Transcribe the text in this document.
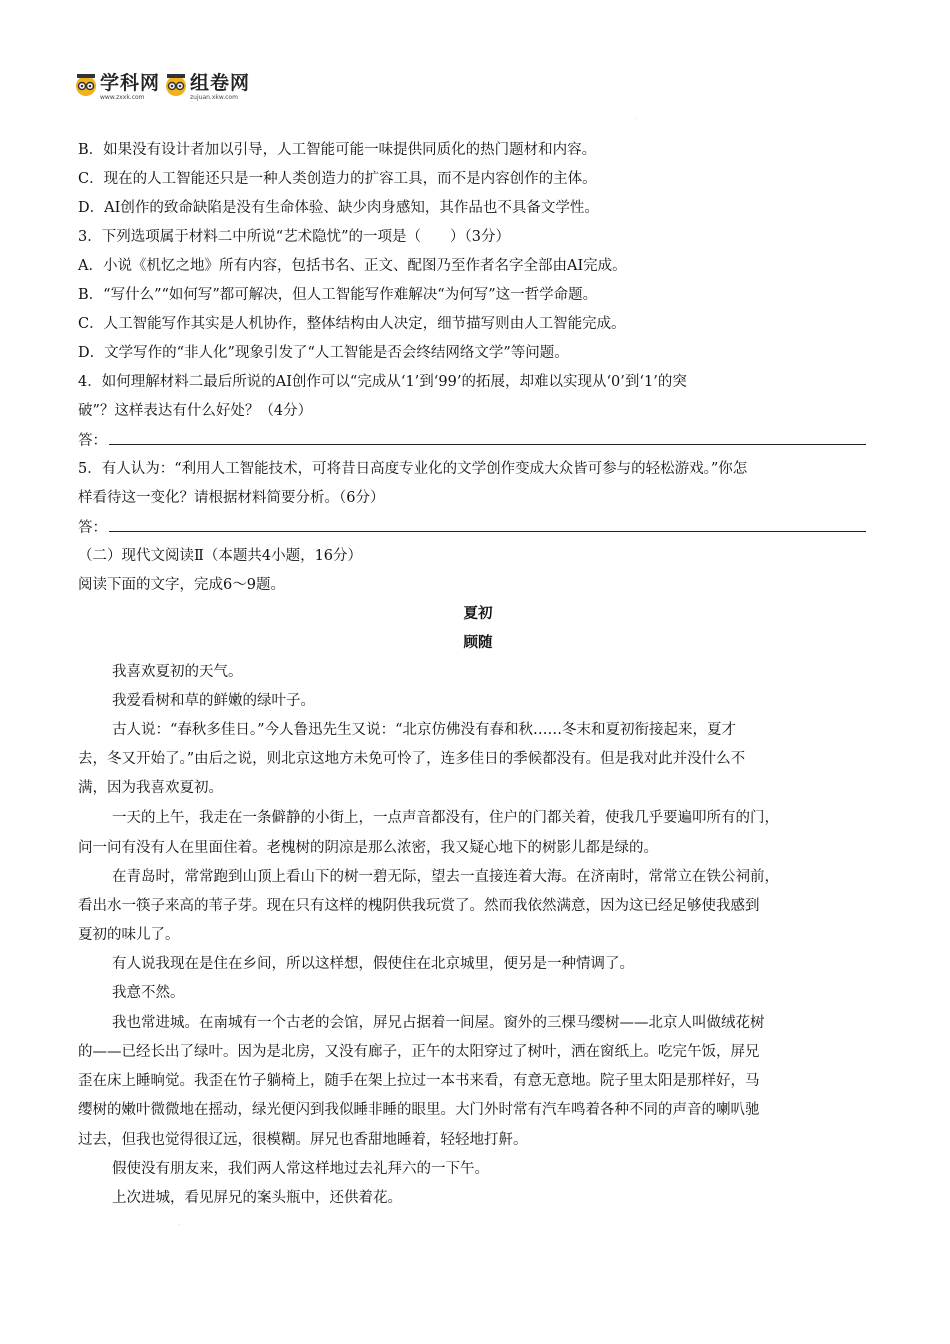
学科网
www.zxxk.com
组卷网
zujuan.xkw.com
B．如果没有设计者加以引导，人工智能可能一味提供同质化的热门题材和内容。
C．现在的人工智能还只是一种人类创造力的扩容工具，而不是内容创作的主体。
D．AI创作的致命缺陷是没有生命体验、缺少肉身感知，其作品也不具备文学性。
3．下列选项属于材料二中所说“艺术隐忧”的一项是（　　）（3分）
A．小说《机忆之地》所有内容，包括书名、正文、配图乃至作者名字全部由AI完成。
B．“写什么”“如何写”都可解决，但人工智能写作难解决“为何写”这一哲学命题。
C．人工智能写作其实是人机协作，整体结构由人决定，细节描写则由人工智能完成。
D．文学写作的“非人化”现象引发了“人工智能是否会终结网络文学”等问题。
4．如何理解材料二最后所说的AI创作可以“完成从‘1’到‘99’的拓展，却难以实现从‘0’到‘1’的突
破”？这样表达有什么好处？（4分）
答：
5．有人认为：“利用人工智能技术，可将昔日高度专业化的文学创作变成大众皆可参与的轻松游戏。”你怎
样看待这一变化？请根据材料简要分析。（6分）
答：
（二）现代文阅读Ⅱ（本题共4小题，16分）
阅读下面的文字，完成6～9题。
夏初
顾随
我喜欢夏初的天气。
我爱看树和草的鲜嫩的绿叶子。
古人说：“春秋多佳日。”今人鲁迅先生又说：“北京仿佛没有春和秋……冬末和夏初衔接起来，夏才
去，冬又开始了。”由后之说，则北京这地方未免可怜了，连多佳日的季候都没有。但是我对此并没什么不
满，因为我喜欢夏初。
一天的上午，我走在一条僻静的小街上，一点声音都没有，住户的门都关着，使我几乎要遍叩所有的门，
问一问有没有人在里面住着。老槐树的阴凉是那么浓密，我又疑心地下的树影儿都是绿的。
在青岛时，常常跑到山顶上看山下的树一碧无际，望去一直接连着大海。在济南时，常常立在铁公祠前，
看出水一筷子来高的苇子芽。现在只有这样的槐阴供我玩赏了。然而我依然满意，因为这已经足够使我感到
夏初的味儿了。
有人说我现在是住在乡间，所以这样想，假使住在北京城里，便另是一种情调了。
我意不然。
我也常进城。在南城有一个古老的会馆，屏兄占据着一间屋。窗外的三棵马缨树——北京人叫做绒花树
的——已经长出了绿叶。因为是北房，又没有廊子，正午的太阳穿过了树叶，洒在窗纸上。吃完午饭，屏兄
歪在床上睡晌觉。我歪在竹子躺椅上，随手在架上拉过一本书来看，有意无意地。院子里太阳是那样好，马
缨树的嫩叶微微地在摇动，绿光便闪到我似睡非睡的眼里。大门外时常有汽车鸣着各种不同的声音的喇叭驰
过去，但我也觉得很辽远，很模糊。屏兄也香甜地睡着，轻轻地打鼾。
假使没有朋友来，我们两人常这样地过去礼拜六的一下午。
上次进城，看见屏兄的案头瓶中，还供着花。
·
·
